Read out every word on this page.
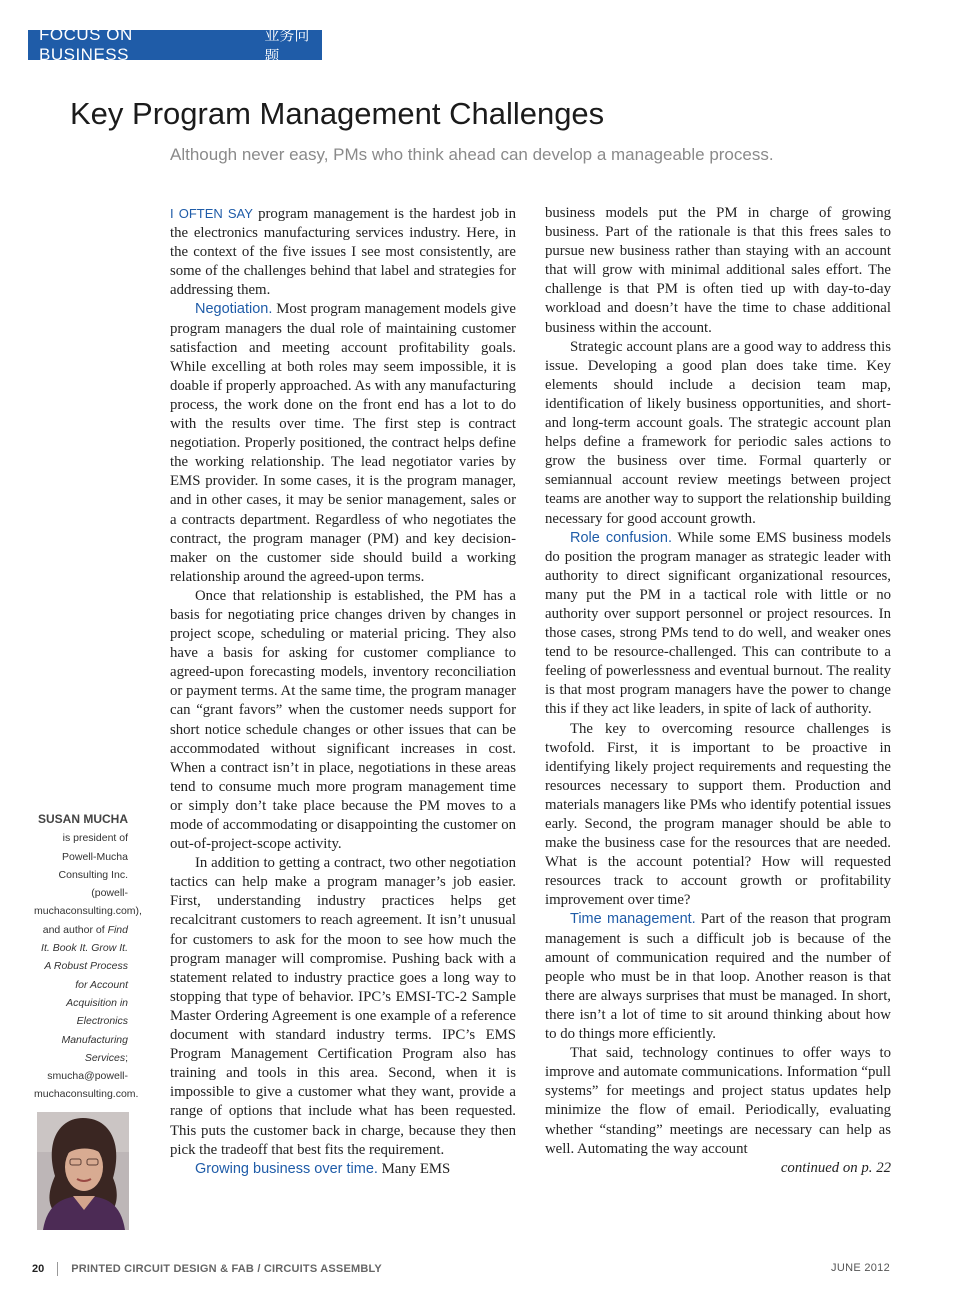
FOCUS ON BUSINESS
业务问题
Key Program Management Challenges
Although never easy, PMs who think ahead can develop a manageable process.

I OFTEN SAY program management is the hardest job in the electronics manufacturing services industry. Here, in the context of the five issues I see most consistently, are some of the challenges behind that label and strategies for addressing them.

Negotiation. Most program management models give program managers the dual role of maintaining customer satisfaction and meeting account profitability goals. While excelling at both roles may seem impossible, it is doable if properly approached. As with any manufacturing process, the work done on the front end has a lot to do with the results over time. The first step is contract negotiation. Properly positioned, the contract helps define the working relationship. The lead negotiator varies by EMS provider. In some cases, it is the program manager, and in other cases, it may be senior management, sales or a contracts department. Regardless of who negotiates the contract, the program manager (PM) and key decision-maker on the customer side should build a working relationship around the agreed-upon terms.

Once that relationship is established, the PM has a basis for negotiating price changes driven by changes in project scope, scheduling or material pricing. They also have a basis for asking for customer compliance to agreed-upon forecasting models, inventory reconciliation or payment terms. At the same time, the program manager can “grant favors” when the customer needs support for short notice schedule changes or other issues that can be accommodated without significant increases in cost. When a contract isn’t in place, negotiations in these areas tend to consume much more program management time or simply don’t take place because the PM moves to a mode of accommodating or disappointing the customer on out-of-project-scope activity.

In addition to getting a contract, two other negotiation tactics can help make a program manager’s job easier. First, understanding industry practices helps get recalcitrant customers to reach agreement. It isn’t unusual for customers to ask for the moon to see how much the program manager will compromise. Pushing back with a statement related to industry practice goes a long way to stopping that type of behavior. IPC’s EMSI-TC-2 Sample Master Ordering Agreement is one example of a reference document with standard industry terms. IPC’s EMS Program Management Certification Program also has training and tools in this area. Second, when it is impossible to give a customer what they want, provide a range of options that include what has been requested. This puts the customer back in charge, because they then pick the tradeoff that best fits the requirement.

Growing business over time. Many EMS

business models put the PM in charge of growing business. Part of the rationale is that this frees sales to pursue new business rather than staying with an account that will grow with minimal additional sales effort. The challenge is that PM is often tied up with day-to-day workload and doesn’t have the time to chase additional business within the account.

Strategic account plans are a good way to address this issue. Developing a good plan does take time. Key elements should include a decision team map, identification of likely business opportunities, and short- and long-term account goals. The strategic account plan helps define a framework for periodic sales actions to grow the business over time. Formal quarterly or semiannual account review meetings between project teams are another way to support the relationship building necessary for good account growth.

Role confusion. While some EMS business models do position the program manager as strategic leader with authority to direct significant organizational resources, many put the PM in a tactical role with little or no authority over support personnel or project resources. In those cases, strong PMs tend to do well, and weaker ones tend to be resource-challenged. This can contribute to a feeling of powerlessness and eventual burnout. The reality is that most program managers have the power to change this if they act like leaders, in spite of lack of authority.

The key to overcoming resource challenges is twofold. First, it is important to be proactive in identifying likely project requirements and requesting the resources necessary to support them. Production and materials managers like PMs who identify potential issues early. Second, the program manager should be able to make the business case for the resources that are needed. What is the account potential? How will requested resources track to account growth or profitability improvement over time?

Time management. Part of the reason that program management is such a difficult job is because of the amount of communication required and the number of people who must be in that loop. Another reason is that there are always surprises that must be managed. In short, there isn’t a lot of time to sit around thinking about how to do things more efficiently.

That said, technology continues to offer ways to improve and automate communications. Information “pull systems” for meetings and project status updates help minimize the flow of email. Periodically, evaluating whether “standing” meetings are necessary can help as well. Automating the way account

continued on p. 22

SUSAN MUCHA is president of Powell-Mucha Consulting Inc. (powell-muchaconsulting.com), and author of Find It. Book It. Grow It. A Robust Process for Account Acquisition in Electronics Manufacturing Services; smucha@powell-muchaconsulting.com.
20 PRINTED CIRCUIT DESIGN & FAB / CIRCUITS ASSEMBLY	JUNE 2012
